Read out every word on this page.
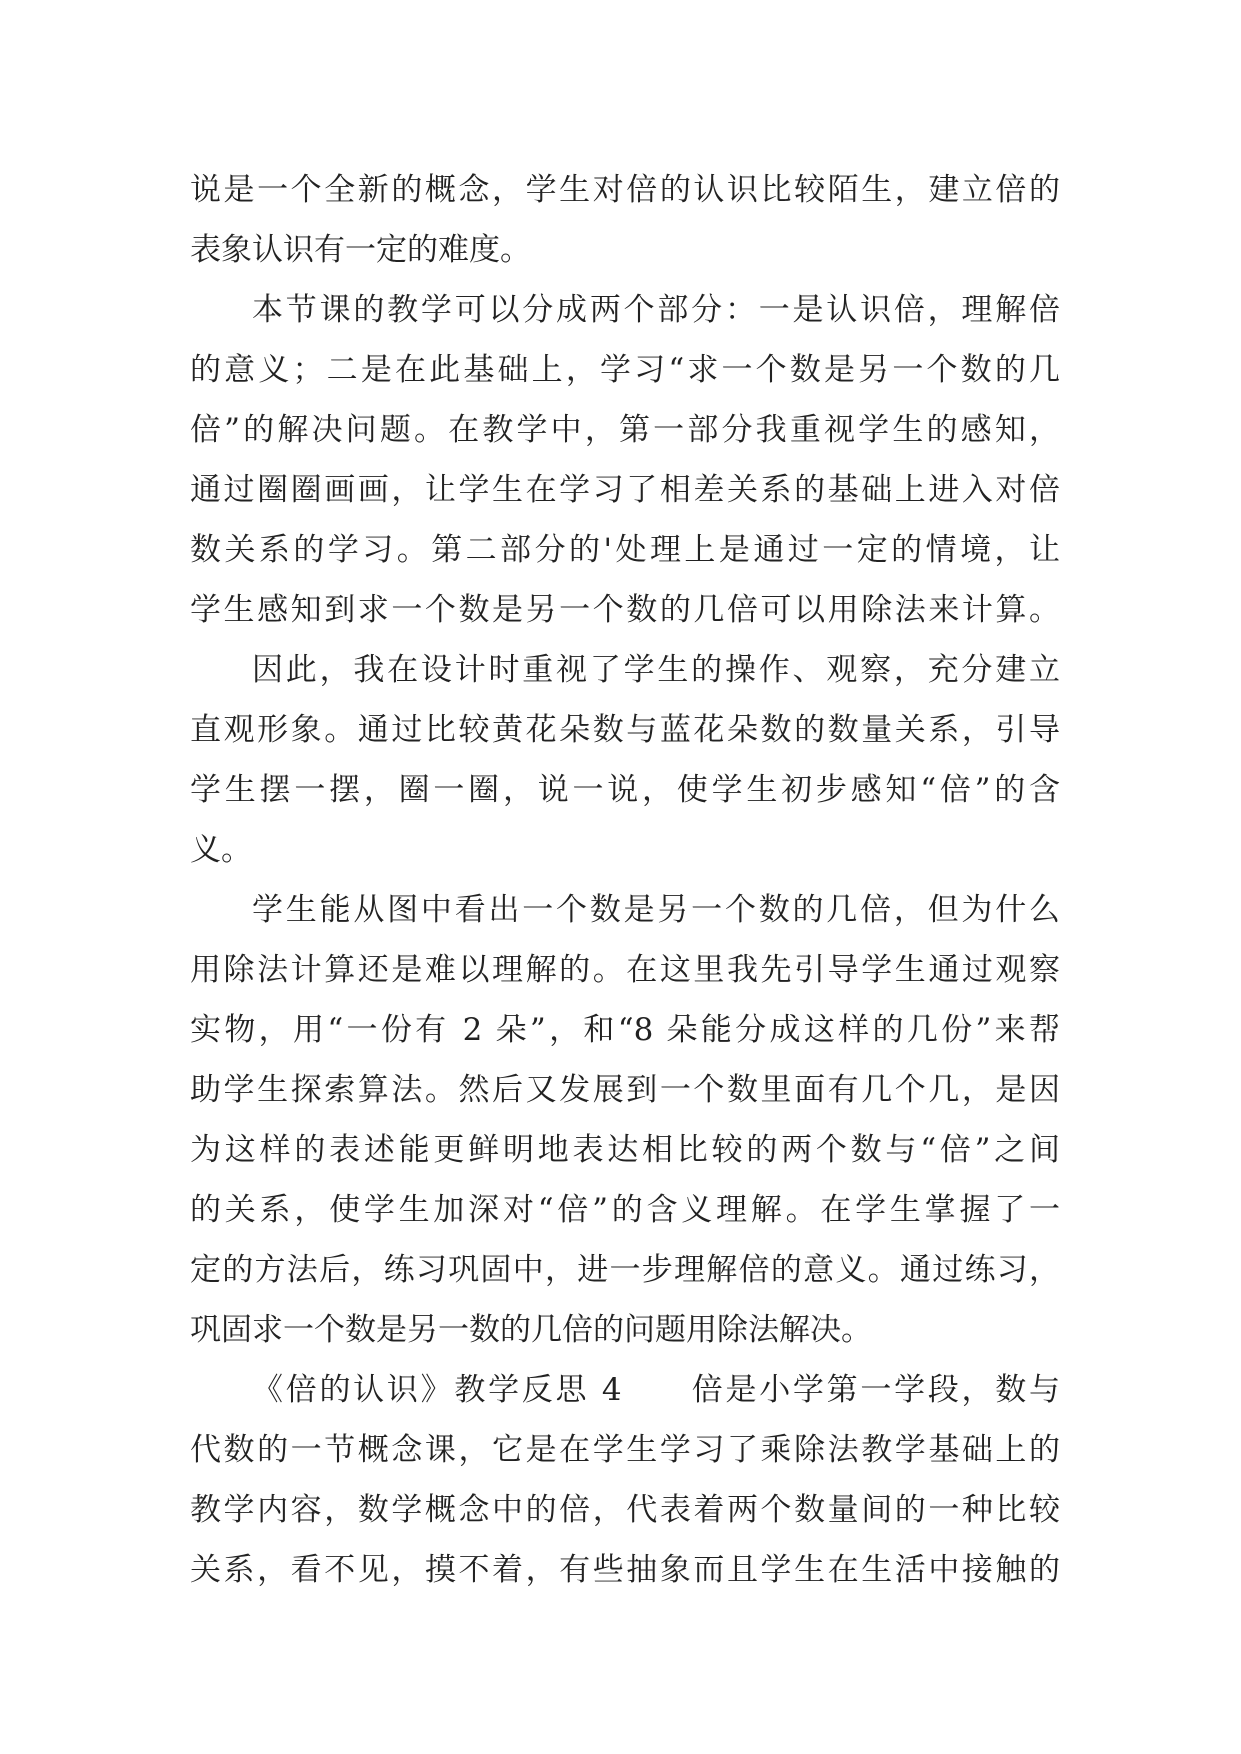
说是一个全新的概念，学生对倍的认识比较陌生，建立倍的
表象认识有一定的难度。
本节课的教学可以分成两个部分：一是认识倍，理解倍
的意义；二是在此基础上，学习“求一个数是另一个数的几
倍”的解决问题。在教学中，第一部分我重视学生的感知，
通过圈圈画画，让学生在学习了相差关系的基础上进入对倍
数关系的学习。第二部分的'处理上是通过一定的情境，让
学生感知到求一个数是另一个数的几倍可以用除法来计算。
因此，我在设计时重视了学生的操作、观察，充分建立
直观形象。通过比较黄花朵数与蓝花朵数的数量关系，引导
学生摆一摆，圈一圈，说一说，使学生初步感知“倍”的含
义。
学生能从图中看出一个数是另一个数的几倍，但为什么
用除法计算还是难以理解的。在这里我先引导学生通过观察
实物，用“一份有 2 朵”，和“8 朵能分成这样的几份”来帮
助学生探索算法。然后又发展到一个数里面有几个几，是因
为这样的表述能更鲜明地表达相比较的两个数与“倍”之间
的关系，使学生加深对“倍”的含义理解。在学生掌握了一
定的方法后，练习巩固中，进一步理解倍的意义。通过练习，
巩固求一个数是另一数的几倍的问题用除法解决。
《倍的认识》教学反思 4　　倍是小学第一学段，数与
代数的一节概念课，它是在学生学习了乘除法教学基础上的
教学内容，数学概念中的倍，代表着两个数量间的一种比较
关系，看不见，摸不着，有些抽象而且学生在生活中接触的
